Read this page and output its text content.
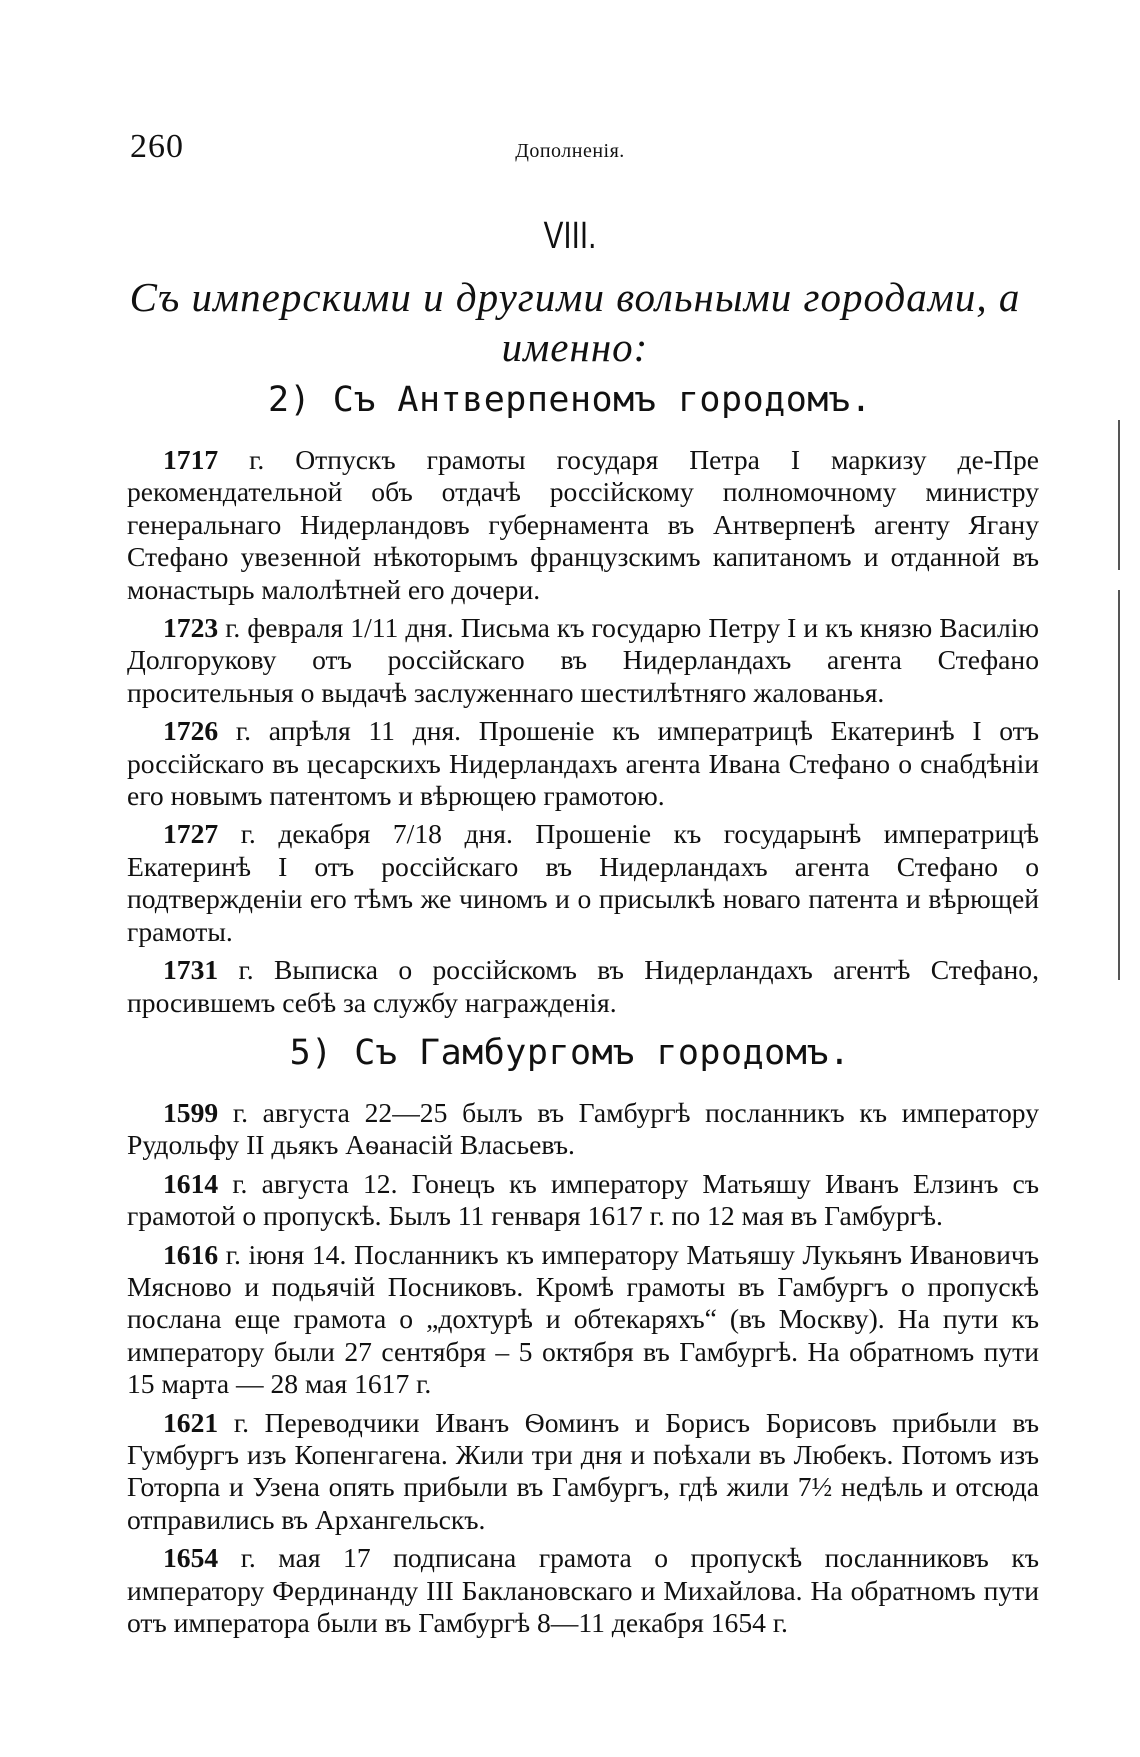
260	Дополненія.
VIII.
Съ имперскими и другими вольными городами, а именно:
2) Съ Антверпеномъ городомъ.

1717 г. Отпускъ грамоты государя Петра I маркизу де-Пре рекомендательной объ отдачѣ россійскому полномочному министру генеральнаго Нидерландовъ губернамента въ Антверпенѣ агенту Ягану Стефано увезенной нѣкоторымъ французскимъ капитаномъ и отданной въ монастырь малолѣтней его дочери.

1723 г. февраля 1/11 дня. Письма къ государю Петру I и къ князю Василію Долгорукову отъ россійскаго въ Нидерландахъ агента Стефано просительныя о выдачѣ заслуженнаго шестилѣтняго жалованья.

1726 г. апрѣля 11 дня. Прошеніе къ императрицѣ Екатеринѣ I отъ россійскаго въ цесарскихъ Нидерландахъ агента Ивана Стефано о снабдѣніи его новымъ патентомъ и вѣрющею грамотою.

1727 г. декабря 7/18 дня. Прошеніе къ государынѣ императрицѣ Екатеринѣ I отъ россійскаго въ Нидерландахъ агента Стефано о подтвержденіи его тѣмъ же чиномъ и о присылкѣ новаго патента и вѣрющей грамоты.

1731 г. Выписка о россійскомъ въ Нидерландахъ агентѣ Стефано, просившемъ себѣ за службу награжденія.

5) Съ Гамбургомъ городомъ.

1599 г. августа 22—25 былъ въ Гамбургѣ посланникъ къ императору Рудольфу II дьякъ Аѳанасій Власьевъ.

1614 г. августа 12. Гонецъ къ императору Матьяшу Иванъ Елзинъ съ грамотой о пропускѣ. Былъ 11 генваря 1617 г. по 12 мая въ Гамбургѣ.

1616 г. іюня 14. Посланникъ къ императору Матьяшу Лукьянъ Ивановичъ Мясново и подьячій Посниковъ. Кромѣ грамоты въ Гамбургъ о пропускѣ послана еще грамота о „дохтурѣ и обтекаряхъ“ (въ Москву). На пути къ императору были 27 сентября – 5 октября въ Гамбургѣ. На обратномъ пути 15 марта — 28 мая 1617 г.

1621 г. Переводчики Иванъ Ѳоминъ и Борисъ Борисовъ прибыли въ Гумбургъ изъ Копенгагена. Жили три дня и поѣхали въ Любекъ. Потомъ изъ Готорпа и Узена опять прибыли въ Гамбургъ, гдѣ жили 7½ недѣль и отсюда отправились въ Архангельскъ.

1654 г. мая 17 подписана грамота о пропускѣ посланниковъ къ императору Фердинанду III Баклановскаго и Михайлова. На обратномъ пути отъ императора были въ Гамбургѣ 8—11 декабря 1654 г.
